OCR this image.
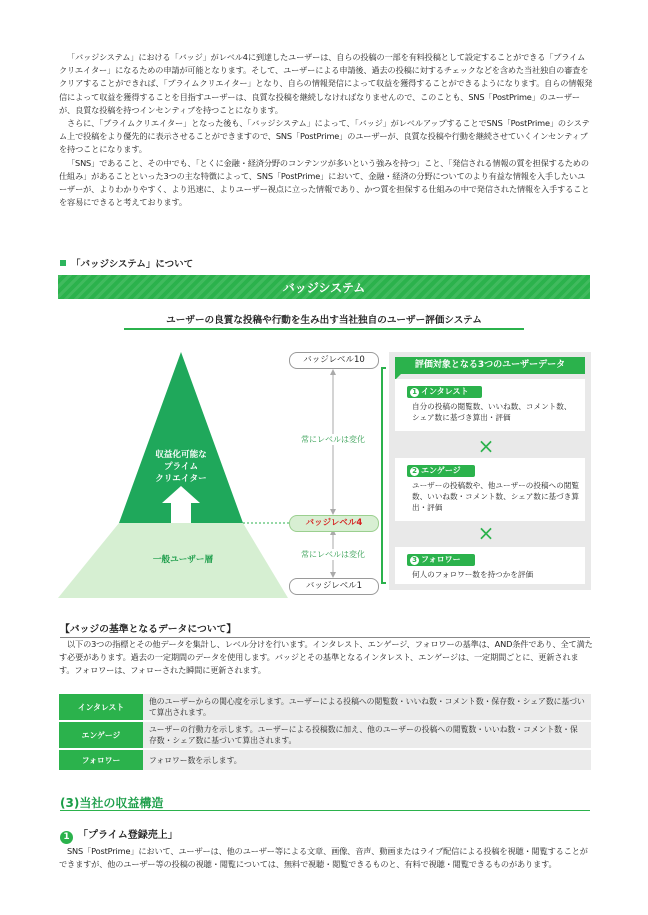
「バッジシステム」における「バッジ」がレベル4に到達したユーザーは、自らの投稿の一部を有料投稿として設定することができる「プライムクリエイター」になるための申請が可能となります。そして、ユーザーによる申請後、過去の投稿に対するチェックなどを含めた当社独自の審査をクリアすることができれば、「プライムクリエイター」となり、自らの情報発信によって収益を獲得することができるようになります。自らの情報発信によって収益を獲得することを目指すユーザーは、良質な投稿を継続しなければなりませんので、このことも、SNS「PostPrime」のユーザーが、良質な投稿を持つインセンティブを持つことになります。

さらに、「プライムクリエイター」となった後も、「バッジシステム」によって、「バッジ」がレベルアップすることでSNS「PostPrime」のシステム上で投稿をより優先的に表示させることができますので、SNS「PostPrime」のユーザーが、良質な投稿や行動を継続させていくインセンティブを持つことになります。

「SNS」であること、その中でも、「とくに金融・経済分野のコンテンツが多いという強みを持つ」こと、「発信される情報の質を担保するための仕組み」があることといった3つの主な特徴によって、SNS「PostPrime」において、金融・経済の分野についてのより有益な情報を入手したいユーザーが、よりわかりやすく、より迅速に、よりユーザー視点に立った情報であり、かつ質を担保する仕組みの中で発信された情報を入手することを容易にできると考えております。

「バッジシステム」について
バッジシステム
ユーザーの良質な投稿や行動を生み出す当社独自のユーザー評価システム
収益化可能な
プライム
クリエイター
一般ユーザー層
バッジレベル10
常にレベルは変化
バッジレベル4
常にレベルは変化
バッジレベル1
評価対象となる3つのユーザーデータ
1 インタレスト
自分の投稿の閲覧数、いいね数、コメント数、シェア数に基づき算出・評価
×
2 エンゲージ
ユーザーの投稿数や、他ユーザーの投稿への閲覧数、いいね数・コメント数、シェア数に基づき算出・評価
×
3 フォロワー
何人のフォロワー数を持つかを評価
【バッジの基準となるデータについて】

以下の3つの指標とその他データを集計し、レベル分けを行います。インタレスト、エンゲージ、フォロワーの基準は、AND条件であり、全て満たす必要があります。過去の一定期間のデータを使用します。バッジとその基準となるインタレスト、エンゲージは、一定期間ごとに、更新されます。フォロワーは、フォローされた瞬間に更新されます。

インタレスト	他のユーザーからの関心度を示します。ユーザーによる投稿への閲覧数・いいね数・コメント数・保存数・シェア数に基づいて算出されます。
エンゲージ	ユーザーの行動力を示します。ユーザーによる投稿数に加え、他のユーザーの投稿への閲覧数・いいね数・コメント数・保存数・シェア数に基づいて算出されます。
フォロワー	フォロワー数を示します。
(3)当社の収益構造
1 「プライム登録売上」

SNS「PostPrime」において、ユーザーは、他のユーザー等による文章、画像、音声、動画またはライブ配信による投稿を視聴・閲覧することができますが、他のユーザー等の投稿の視聴・閲覧については、無料で視聴・閲覧できるものと、有料で視聴・閲覧できるものがあります。
